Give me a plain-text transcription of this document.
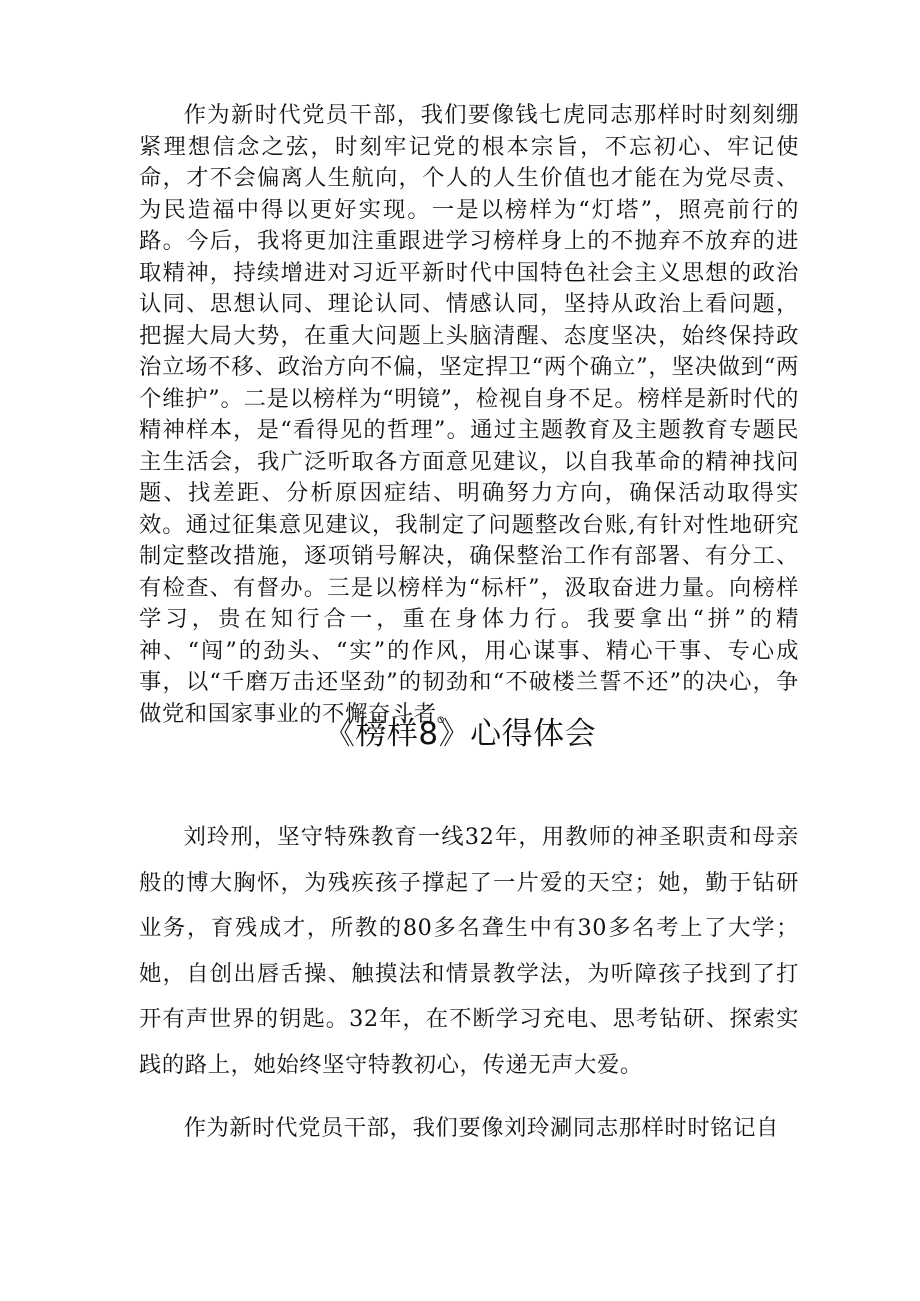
作为新时代党员干部，我们要像钱七虎同志那样时时刻刻绷紧理想信念之弦，时刻牢记党的根本宗旨，不忘初心、牢记使命，才不会偏离人生航向，个人的人生价值也才能在为党尽责、为民造福中得以更好实现。一是以榜样为“灯塔”，照亮前行的路。今后，我将更加注重跟进学习榜样身上的不抛弃不放弃的进取精神，持续增进对习近平新时代中国特色社会主义思想的政治认同、思想认同、理论认同、情感认同，坚持从政治上看问题，把握大局大势，在重大问题上头脑清醒、态度坚决，始终保持政治立场不移、政治方向不偏，坚定捍卫“两个确立”，坚决做到“两个维护”。二是以榜样为“明镜”，检视自身不足。榜样是新时代的精神样本，是“看得见的哲理”。通过主题教育及主题教育专题民主生活会，我广泛听取各方面意见建议，以自我革命的精神找问题、找差距、分析原因症结、明确努力方向，确保活动取得实效。通过征集意见建议，我制定了问题整改台账,有针对性地研究制定整改措施，逐项销号解决，确保整治工作有部署、有分工、有检查、有督办。三是以榜样为“标杆”，汲取奋进力量。向榜样学习，贵在知行合一，重在身体力行。我要拿出“拼”的精神、“闯”的劲头、“实”的作风，用心谋事、精心干事、专心成事，以“千磨万击还坚劲”的韧劲和“不破楼兰誓不还”的决心，争做党和国家事业的不懈奋斗者。

《榜样8》心得体会

刘玲刑，坚守特殊教育一线32年，用教师的神圣职责和母亲般的博大胸怀，为残疾孩子撑起了一片爱的天空；她，勤于钻研业务，育残成才，所教的80多名聋生中有30多名考上了大学；她，自创出唇舌操、触摸法和情景教学法，为听障孩子找到了打开有声世界的钥匙。32年，在不断学习充电、思考钻研、探索实践的路上，她始终坚守特教初心，传递无声大爱。

作为新时代党员干部，我们要像刘玲涮同志那样时时铭记自
